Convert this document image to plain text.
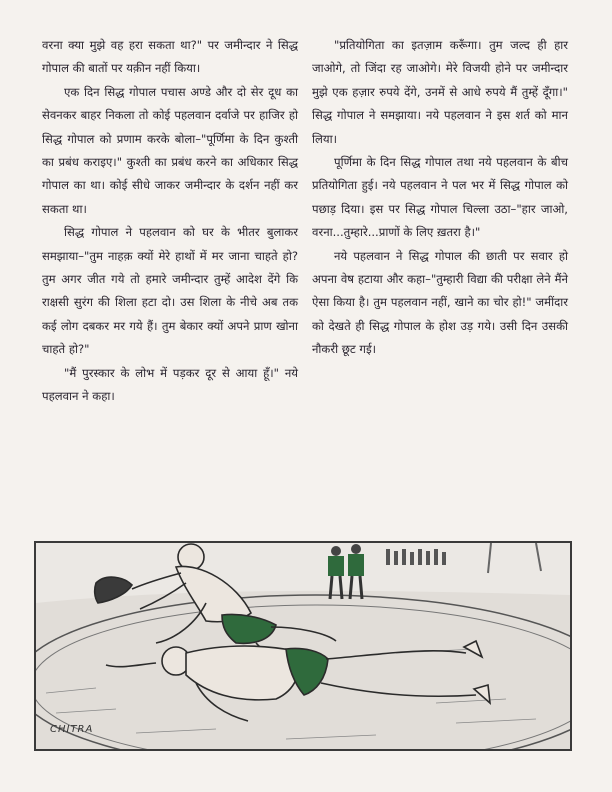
वरना क्या मुझे वह हरा सकता था?" पर जमीन्दार ने सिद्ध गोपाल की बातों पर यक़ीन नहीं किया।

एक दिन सिद्ध गोपाल पचास अण्डे और दो सेर दूध का सेवनकर बाहर निकला तो कोई पहलवान दर्वाजे पर हाजिर हो सिद्ध गोपाल को प्रणाम करके बोला–"पूर्णिमा के दिन कुश्ती का प्रबंध कराइए।" कुश्ती का प्रबंध करने का अधिकार सिद्ध गोपाल का था। कोई सीधे जाकर जमीन्दार के दर्शन नहीं कर सकता था।

सिद्ध गोपाल ने पहलवान को घर के भीतर बुलाकर समझाया–"तुम नाहक़ क्यों मेरे हाथों में मर जाना चाहते हो? तुम अगर जीत गये तो हमारे जमीन्दार तुम्हें आदेश देंगे कि राक्षसी सुरंग की शिला हटा दो। उस शिला के नीचे अब तक कई लोग दबकर मर गये हैं। तुम बेकार क्यों अपने प्राण खोना चाहते हो?"

"मैं पुरस्कार के लोभ में पड़कर दूर से आया हूँ।" नये पहलवान ने कहा।

"प्रतियोगिता का इतज़ाम करूँगा। तुम जल्द ही हार जाओगे, तो जिंदा रह जाओगे। मेरे विजयी होने पर जमीन्दार मुझे एक हज़ार रुपये देंगे, उनमें से आधे रुपये मैं तुम्हें दूँगा।" सिद्ध गोपाल ने समझाया। नये पहलवान ने इस शर्त को मान लिया।

पूर्णिमा के दिन सिद्ध गोपाल तथा नये पहलवान के बीच प्रतियोगिता हुई। नये पहलवान ने पल भर में सिद्ध गोपाल को पछाड़ दिया। इस पर सिद्ध गोपाल चिल्ला उठा–"हार जाओ, वरना...तुम्हारे...प्राणों के लिए ख़तरा है।"

नये पहलवान ने सिद्ध गोपाल की छाती पर सवार हो अपना वेष हटाया और कहा–"तुम्हारी विद्या की परीक्षा लेने मैंने ऐसा किया है। तुम पहलवान नहीं, खाने का चोर हो!" जमींदार को देखते ही सिद्ध गोपाल के होश उड़ गये। उसी दिन उसकी नौकरी छूट गई।

CHITRA
